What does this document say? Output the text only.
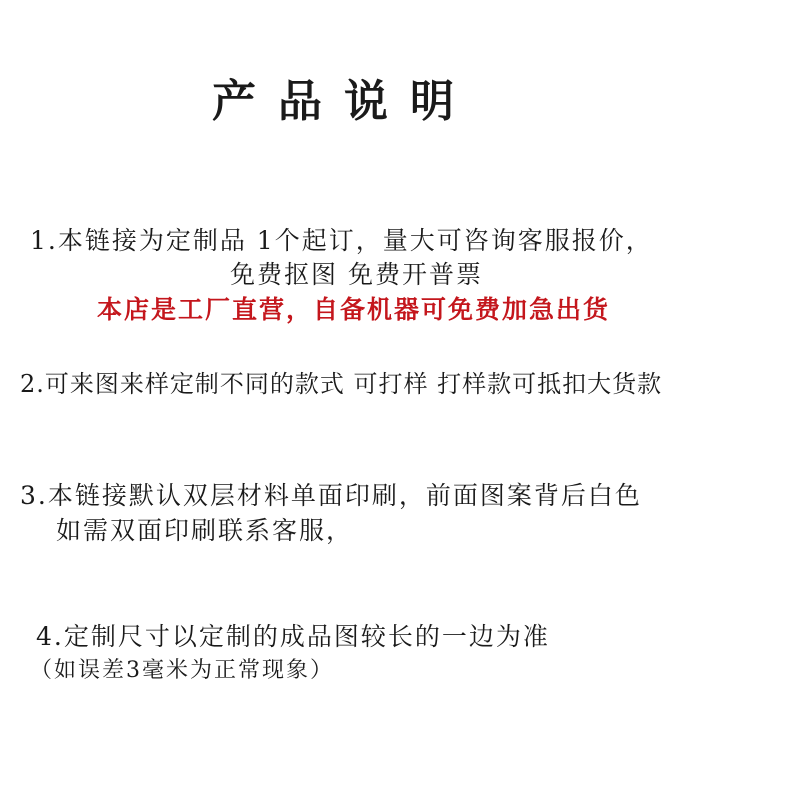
产品说明
1.本链接为定制品 1个起订，量大可咨询客服报价，
免费抠图 免费开普票
本店是工厂直营，自备机器可免费加急出货
2.可来图来样定制不同的款式 可打样 打样款可抵扣大货款
3.本链接默认双层材料单面印刷，前面图案背后白色
如需双面印刷联系客服，
4.定制尺寸以定制的成品图较长的一边为准
（如误差3毫米为正常现象）
